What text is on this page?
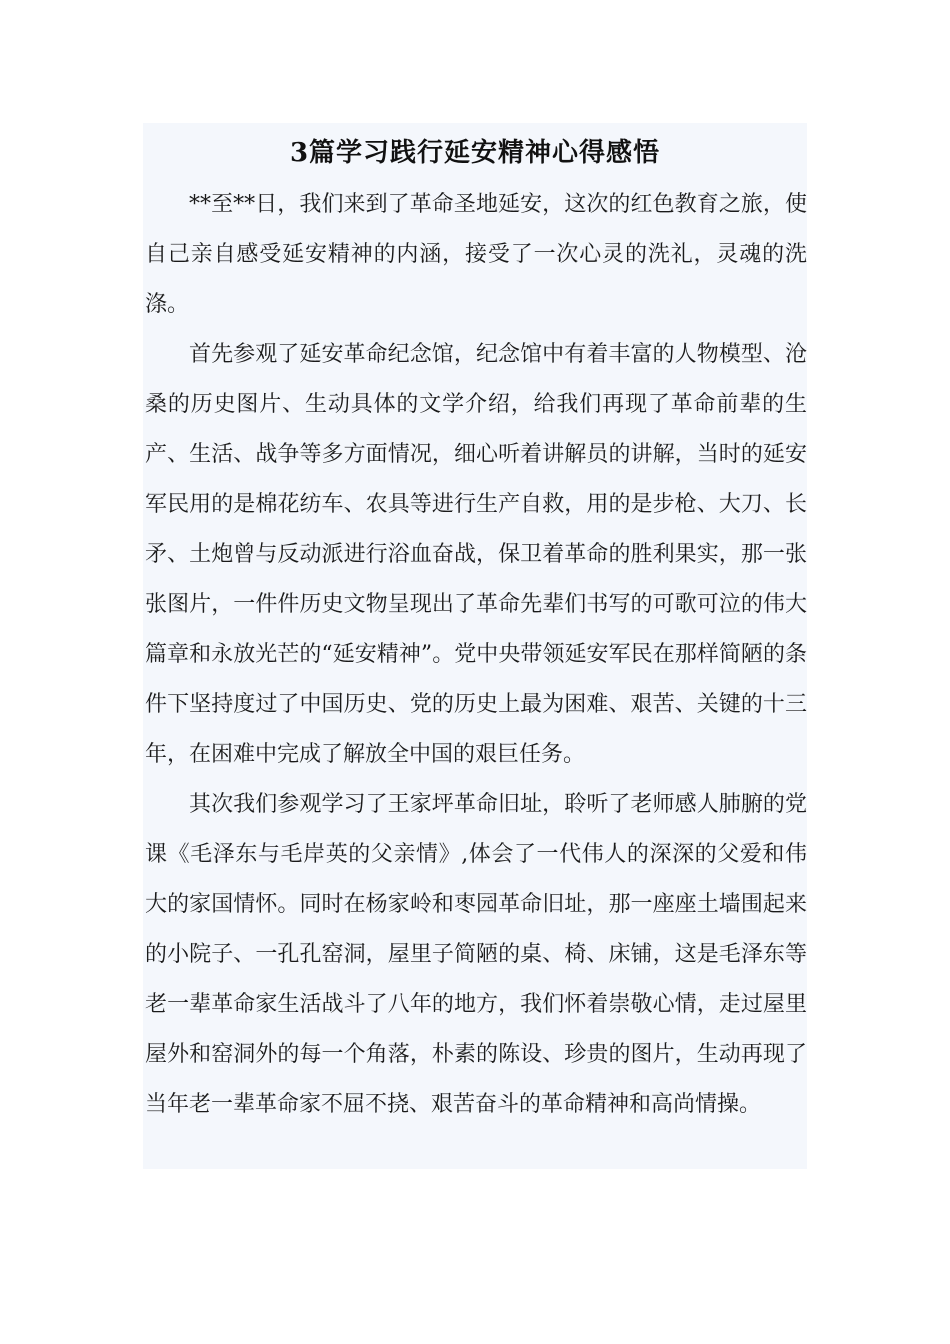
3篇学习践行延安精神心得感悟

**至**日，我们来到了革命圣地延安，这次的红色教育之旅，使自己亲自感受延安精神的内涵，接受了一次心灵的洗礼，灵魂的洗涤。

首先参观了延安革命纪念馆，纪念馆中有着丰富的人物模型、沧桑的历史图片、生动具体的文学介绍，给我们再现了革命前辈的生产、生活、战争等多方面情况，细心听着讲解员的讲解，当时的延安军民用的是棉花纺车、农具等进行生产自救，用的是步枪、大刀、长矛、土炮曾与反动派进行浴血奋战，保卫着革命的胜利果实，那一张张图片，一件件历史文物呈现出了革命先辈们书写的可歌可泣的伟大篇章和永放光芒的“延安精神”。党中央带领延安军民在那样简陋的条件下坚持度过了中国历史、党的历史上最为困难、艰苦、关键的十三年，在困难中完成了解放全中国的艰巨任务。

其次我们参观学习了王家坪革命旧址，聆听了老师感人肺腑的党课《毛泽东与毛岸英的父亲情》,体会了一代伟人的深深的父爱和伟大的家国情怀。同时在杨家岭和枣园革命旧址，那一座座土墙围起来的小院子、一孔孔窑洞，屋里子简陋的桌、椅、床铺，这是毛泽东等老一辈革命家生活战斗了八年的地方，我们怀着崇敬心情，走过屋里屋外和窑洞外的每一个角落，朴素的陈设、珍贵的图片，生动再现了当年老一辈革命家不屈不挠、艰苦奋斗的革命精神和高尚情操。
